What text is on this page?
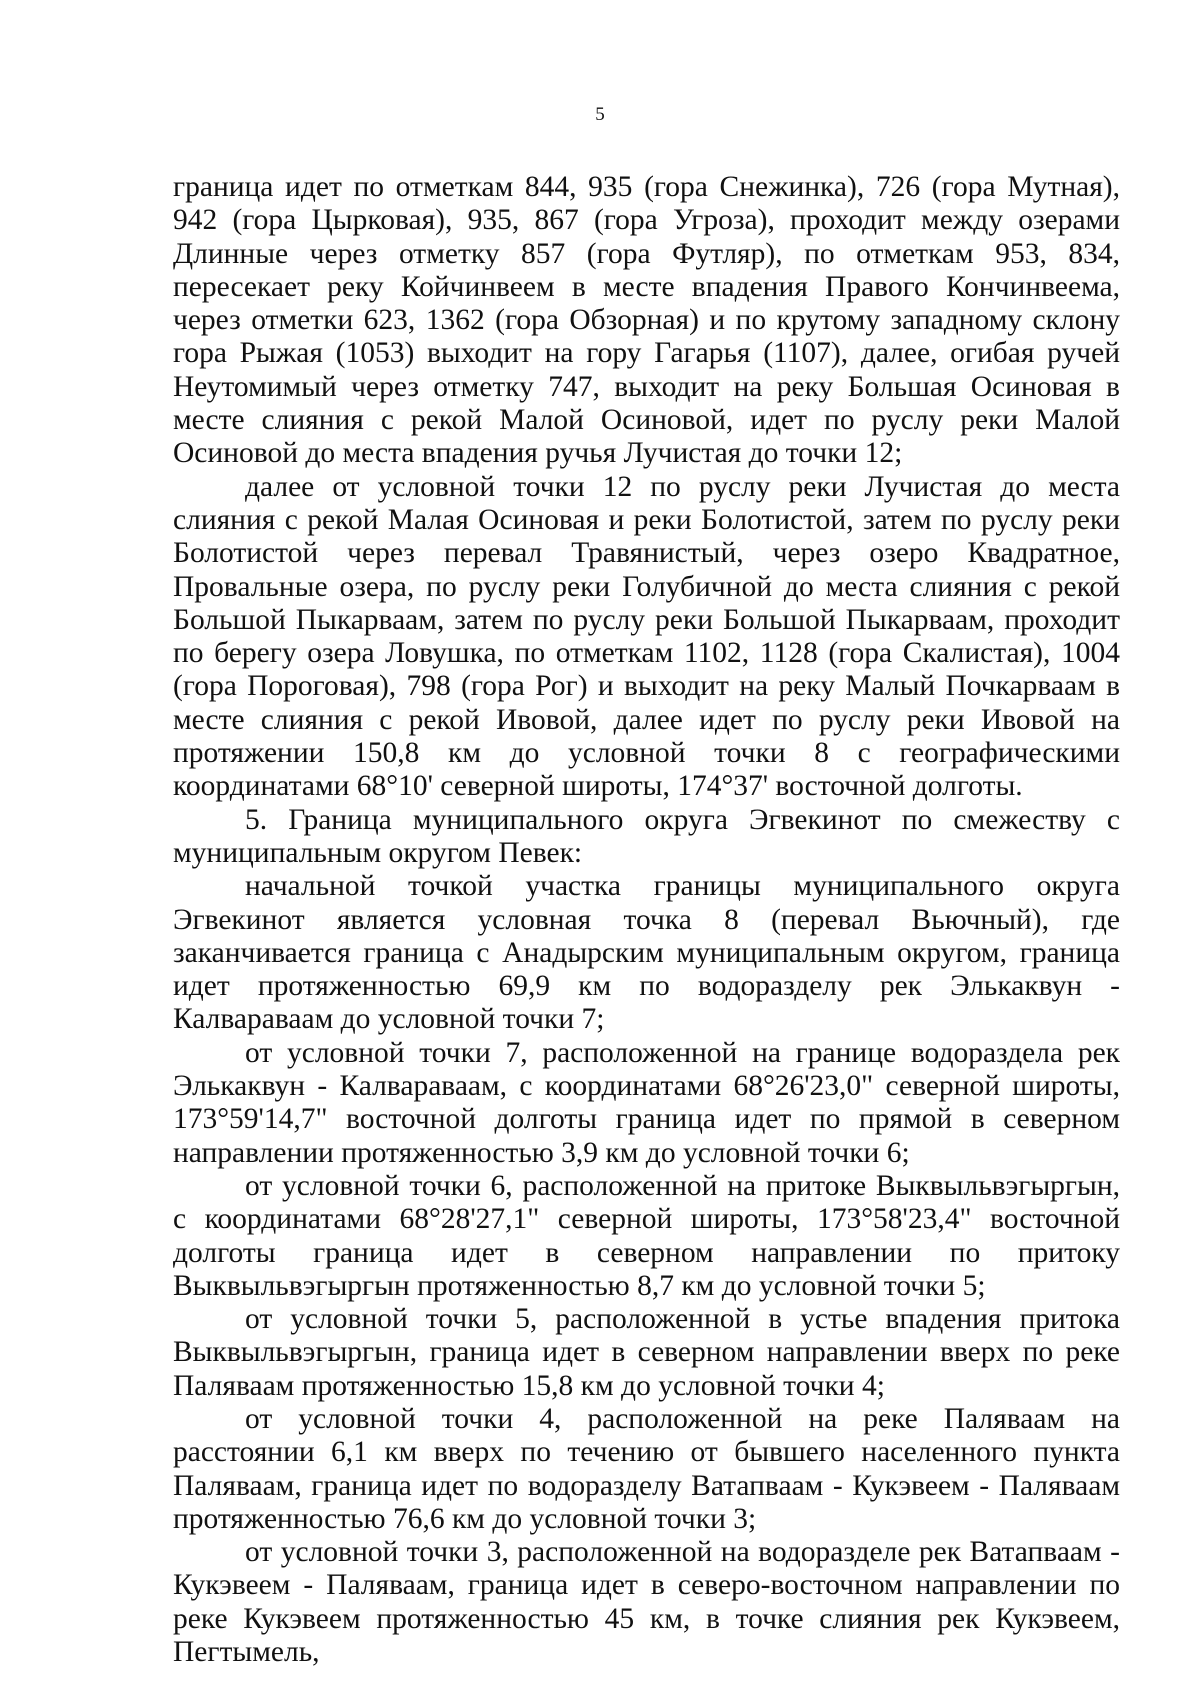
5

граница идет по отметкам 844, 935 (гора Снежинка), 726 (гора Мутная), 942 (гора Цырковая), 935, 867 (гора Угроза), проходит между озерами Длинные через отметку 857 (гора Футляр), по отметкам 953, 834, пересекает реку Койчинвеем в месте впадения Правого Кончинвеема, через отметки 623, 1362 (гора Обзорная) и по крутому западному склону гора Рыжая (1053) выходит на гору Гагарья (1107), далее, огибая ручей Неутомимый через отметку 747, выходит на реку Большая Осиновая в месте слияния с рекой Малой Осиновой, идет по руслу реки Малой Осиновой до места впадения ручья Лучистая до точки 12;

далее от условной точки 12 по руслу реки Лучистая до места слияния с рекой Малая Осиновая и реки Болотистой, затем по руслу реки Болотистой через перевал Травянистый, через озеро Квадратное, Провальные озера, по руслу реки Голубичной до места слияния с рекой Большой Пыкарваам, затем по руслу реки Большой Пыкарваам, проходит по берегу озера Ловушка, по отметкам 1102, 1128 (гора Скалистая), 1004 (гора Пороговая), 798 (гора Рог) и выходит на реку Малый Почкарваам в месте слияния с рекой Ивовой, далее идет по руслу реки Ивовой на протяжении 150,8 км до условной точки 8 с географическими координатами 68°10' северной широты, 174°37' восточной долготы.

5. Граница муниципального округа Эгвекинот по смежеству с муниципальным округом Певек:

начальной точкой участка границы муниципального округа Эгвекинот является условная точка 8 (перевал Вьючный), где заканчивается граница с Анадырским муниципальным округом, граница идет протяженностью 69,9 км по водоразделу рек Элькаквун - Калвараваам до условной точки 7;

от условной точки 7, расположенной на границе водораздела рек Элькаквун - Калвараваам, с координатами 68°26'23,0" северной широты, 173°59'14,7" восточной долготы граница идет по прямой в северном направлении протяженностью 3,9 км до условной точки 6;

от условной точки 6, расположенной на притоке Выквыльвэгыргын, с координатами 68°28'27,1" северной широты, 173°58'23,4" восточной долготы граница идет в северном направлении по притоку Выквыльвэгыргын протяженностью 8,7 км до условной точки 5;

от условной точки 5, расположенной в устье впадения притока Выквыльвэгыргын, граница идет в северном направлении вверх по реке Паляваам протяженностью 15,8 км до условной точки 4;

от условной точки 4, расположенной на реке Паляваам на расстоянии 6,1 км вверх по течению от бывшего населенного пункта Паляваам, граница идет по водоразделу Ватапваам - Кукэвеем - Паляваам протяженностью 76,6 км до условной точки 3;

от условной точки 3, расположенной на водоразделе рек Ватапваам - Кукэвеем - Паляваам, граница идет в северо-восточном направлении по реке Кукэвеем протяженностью 45 км, в точке слияния рек Кукэвеем, Пегтымель,
